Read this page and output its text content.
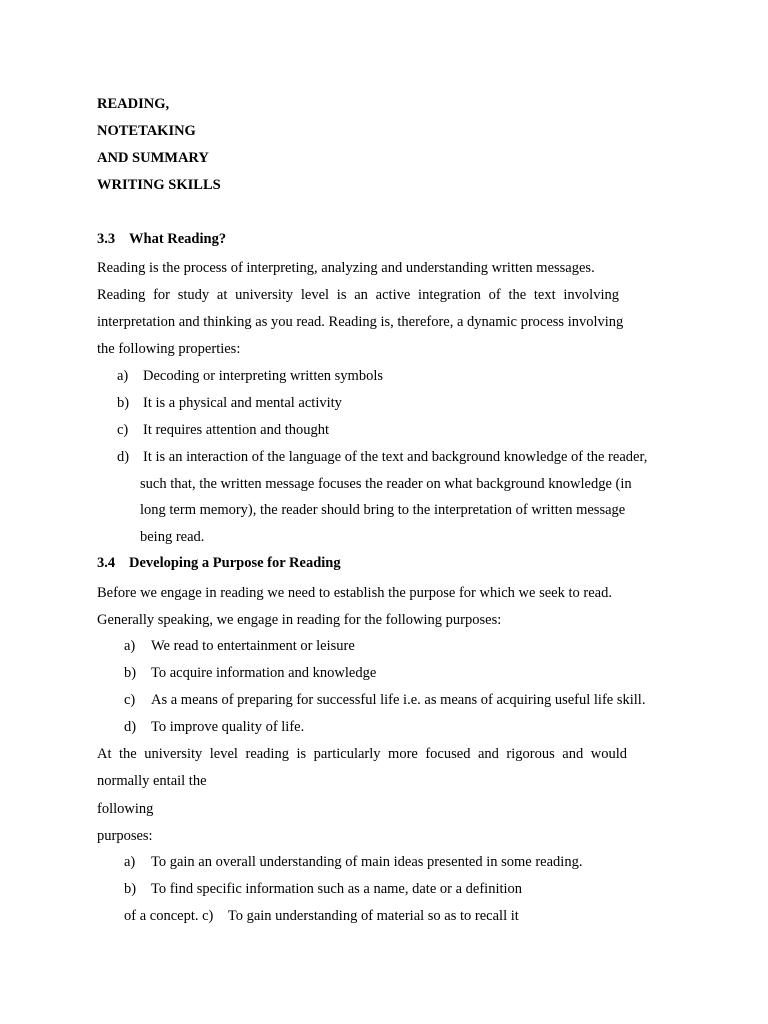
READING,
NOTETAKING
AND SUMMARY
WRITING SKILLS
3.3 What Reading?
Reading is the process of interpreting, analyzing and understanding written messages.
Reading for study at university level is an active integration of the text involving
interpretation and thinking as you read. Reading is, therefore, a dynamic process involving
the following properties:
a) Decoding or interpreting written symbols
b) It is a physical and mental activity
c) It requires attention and thought
d) It is an interaction of the language of the text and background knowledge of the reader,
such that, the written message focuses the reader on what background knowledge (in
long term memory), the reader should bring to the interpretation of written message
being read.
3.4 Developing a Purpose for Reading
Before we engage in reading we need to establish the purpose for which we seek to read.
Generally speaking, we engage in reading for the following purposes:
a) We read to entertainment or leisure
b) To acquire information and knowledge
c) As a means of preparing for successful life i.e. as means of acquiring useful life skill.
d) To improve quality of life.
At the university level reading is particularly more focused and rigorous and would
normally entail the
following
purposes:
a) To gain an overall understanding of main ideas presented in some reading.
b) To find specific information such as a name, date or a definition
of a concept. c)  To gain understanding of material so as to recall it
